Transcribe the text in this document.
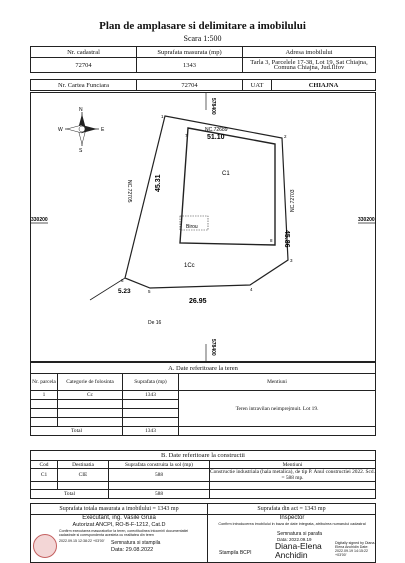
Plan de amplasare si delimitare a imobilului
Scara 1:500
Nr. cadastral	Suprafata masurata (mp)	Adresa imobilului
72704	1343	Tarla 3, Parcelele 17-38, Lot 19, Sat Chiajna, Comuna Chiajna, Jud.Ilfov
Nr. Cartea Funciara	72704	UAT	CHIAJNA
578400
578400
330200	330200
N
S
E
W
C1
Birou
1Cc
De 16
NC.72689
NC.72705	NC.72703
51.10
45.31
45.86
26.95
5.23
1
2
3
4
5
6
7
8
A. Date referitoare la teren			
Nr. parcela	Categorie de folosinta	Suprafata (mp)	Mentiuni
1	Cc	1343	Teren intravilan neimprejmuit. Lot 19.

Total		1343	
B. Date referitoare la constructii			
Cod	Destinatia	Suprafata construita la sol (mp)	Mentiuni
C1	CIE	588	Constructie industriala (hala metalica), de tip P. Anul constructiei 2022. Scd. = 588 mp.

Total		588	
Suprafata totala masurata a imobilului = 1343 mp	Suprafata din act = 1343 mp
Executant, ing. Vasile Gruia
Autorizat ANCPI, RO-B-F-1212, Cat.D
Confirm executarea masuratorilor la teren, corectitudinea intocmirii documentatiei cadastrale si corespondenta acesteia cu realitatea din teren
2022.09.15 12:38:22 +03'00'	Semnatura si stampila
Data: 29.08.2022
Inspector
Confirm introducerea imobilului in baza de date integrata, atribuirea numarului cadastral
Semnatura si parafa
Data: 2022.09.19
Stampila BCPI
Diana-Elena Anchidin
Digitally signed by Diana-Elena Anchidin Date: 2022.09.19 14:15:22 +03'00'
